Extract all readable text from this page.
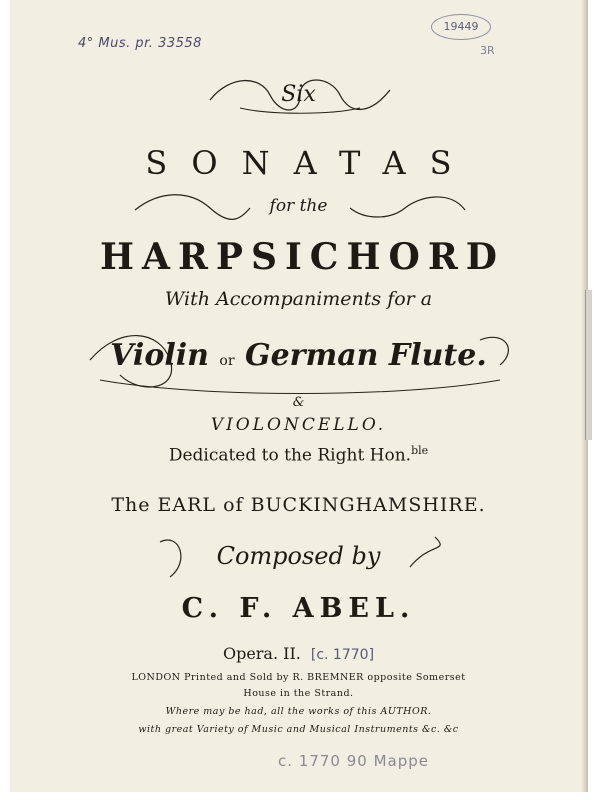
4° Mus. pr. 33558
19449
3R
Six
SONATAS
for the
HARPSICHORD
With Accompaniments for a
Violin or German Flute.
&
VIOLONCELLO.
Dedicated to the Right Hon.$^{ble}$
The EARL of BUCKINGHAMSHIRE.
Composed by
C. F. ABEL.
Opera. II. [c. 1770]
LONDON Printed and Sold by R. BREMNER opposite Somerset
House in the Strand.
Where may be had, all the works of this AUTHOR.
with great Variety of Music and Musical Instruments &c. &c
c. 1770 90 Mappe
